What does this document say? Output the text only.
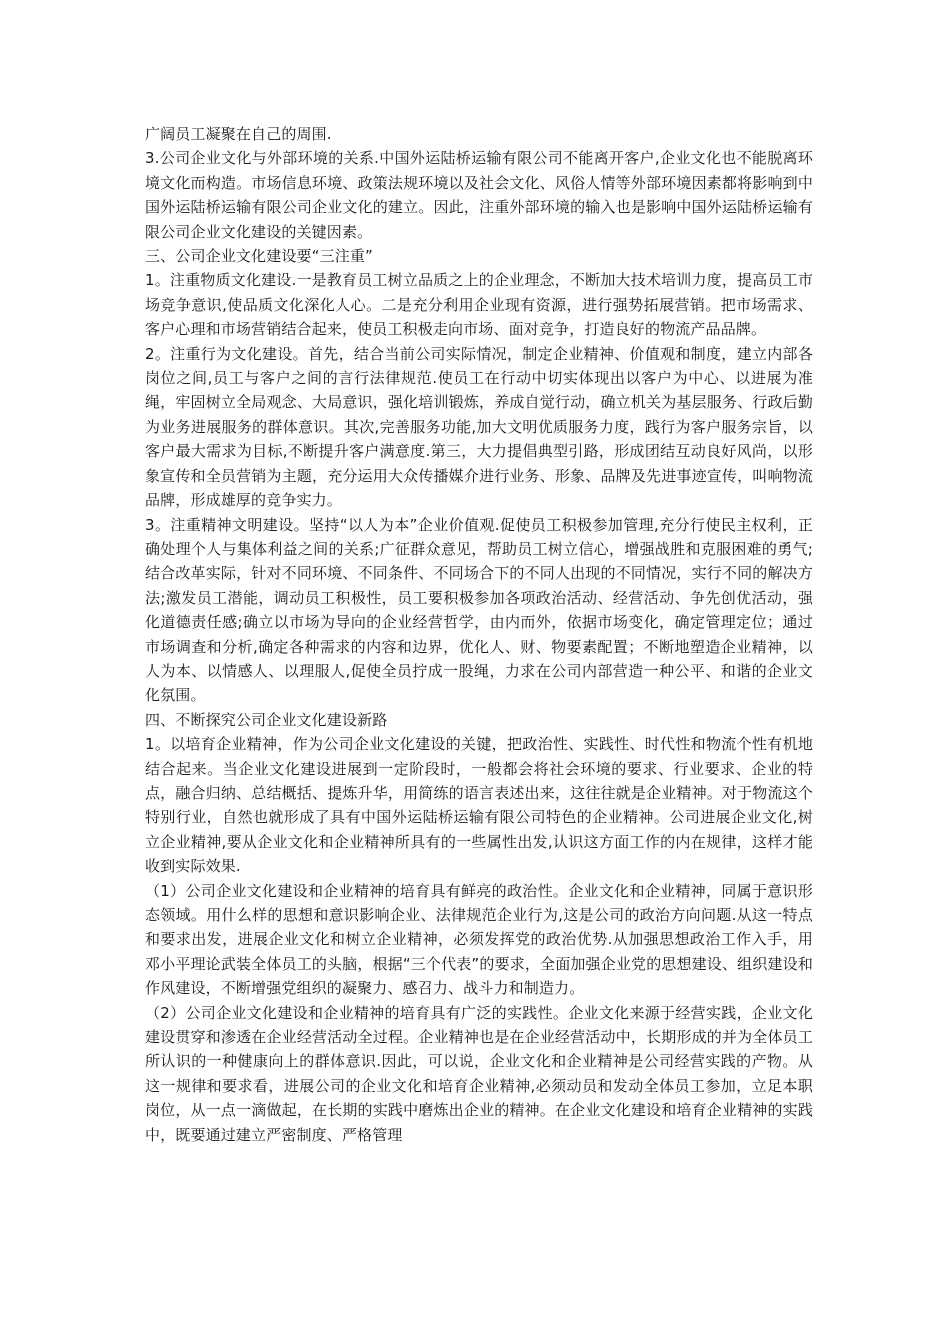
广阔员工凝聚在自己的周围.

3.公司企业文化与外部环境的关系.中国外运陆桥运输有限公司不能离开客户,企业文化也不能脱离环境文化而构造。市场信息环境、政策法规环境以及社会文化、风俗人情等外部环境因素都将影响到中国外运陆桥运输有限公司企业文化的建立。因此，注重外部环境的输入也是影响中国外运陆桥运输有限公司企业文化建设的关键因素。

三、公司企业文化建设要“三注重”

1。注重物质文化建设.一是教育员工树立品质之上的企业理念，不断加大技术培训力度，提高员工市场竞争意识,使品质文化深化人心。二是充分利用企业现有资源，进行强势拓展营销。把市场需求、客户心理和市场营销结合起来，使员工积极走向市场、面对竞争，打造良好的物流产品品牌。

2。注重行为文化建设。首先，结合当前公司实际情况，制定企业精神、价值观和制度，建立内部各岗位之间,员工与客户之间的言行法律规范.使员工在行动中切实体现出以客户为中心、以进展为准绳，牢固树立全局观念、大局意识，强化培训锻炼，养成自觉行动，确立机关为基层服务、行政后勤为业务进展服务的群体意识。其次,完善服务功能,加大文明优质服务力度，践行为客户服务宗旨，以客户最大需求为目标,不断提升客户满意度.第三，大力提倡典型引路，形成团结互动良好风尚，以形象宣传和全员营销为主题，充分运用大众传播媒介进行业务、形象、品牌及先进事迹宣传，叫响物流品牌，形成雄厚的竞争实力。

3。注重精神文明建设。坚持“以人为本”企业价值观.促使员工积极参加管理,充分行使民主权利，正确处理个人与集体利益之间的关系;广征群众意见，帮助员工树立信心，增强战胜和克服困难的勇气;结合改革实际，针对不同环境、不同条件、不同场合下的不同人出现的不同情况，实行不同的解决方法;激发员工潜能，调动员工积极性，员工要积极参加各项政治活动、经营活动、争先创优活动，强化道德责任感;确立以市场为导向的企业经营哲学，由内而外，依据市场变化，确定管理定位；通过市场调查和分析,确定各种需求的内容和边界，优化人、财、物要素配置；不断地塑造企业精神，以人为本、以情感人、以理服人,促使全员拧成一股绳，力求在公司内部营造一种公平、和谐的企业文化氛围。

四、不断探究公司企业文化建设新路

1。以培育企业精神，作为公司企业文化建设的关键，把政治性、实践性、时代性和物流个性有机地结合起来。当企业文化建设进展到一定阶段时，一般都会将社会环境的要求、行业要求、企业的特点，融合归纳、总结概括、提炼升华，用简练的语言表述出来，这往往就是企业精神。对于物流这个特别行业，自然也就形成了具有中国外运陆桥运输有限公司特色的企业精神。公司进展企业文化,树立企业精神,要从企业文化和企业精神所具有的一些属性出发,认识这方面工作的内在规律，这样才能收到实际效果.

（1）公司企业文化建设和企业精神的培育具有鲜亮的政治性。企业文化和企业精神，同属于意识形态领域。用什么样的思想和意识影响企业、法律规范企业行为,这是公司的政治方向问题.从这一特点和要求出发，进展企业文化和树立企业精神，必须发挥党的政治优势.从加强思想政治工作入手，用邓小平理论武装全体员工的头脑，根据“三个代表”的要求，全面加强企业党的思想建设、组织建设和作风建设，不断增强党组织的凝聚力、感召力、战斗力和制造力。

（2）公司企业文化建设和企业精神的培育具有广泛的实践性。企业文化来源于经营实践，企业文化建设贯穿和渗透在企业经营活动全过程。企业精神也是在企业经营活动中，长期形成的并为全体员工所认识的一种健康向上的群体意识.因此，可以说，企业文化和企业精神是公司经营实践的产物。从这一规律和要求看，进展公司的企业文化和培育企业精神,必须动员和发动全体员工参加，立足本职岗位，从一点一滴做起，在长期的实践中磨炼出企业的精神。在企业文化建设和培育企业精神的实践中，既要通过建立严密制度、严格管理
